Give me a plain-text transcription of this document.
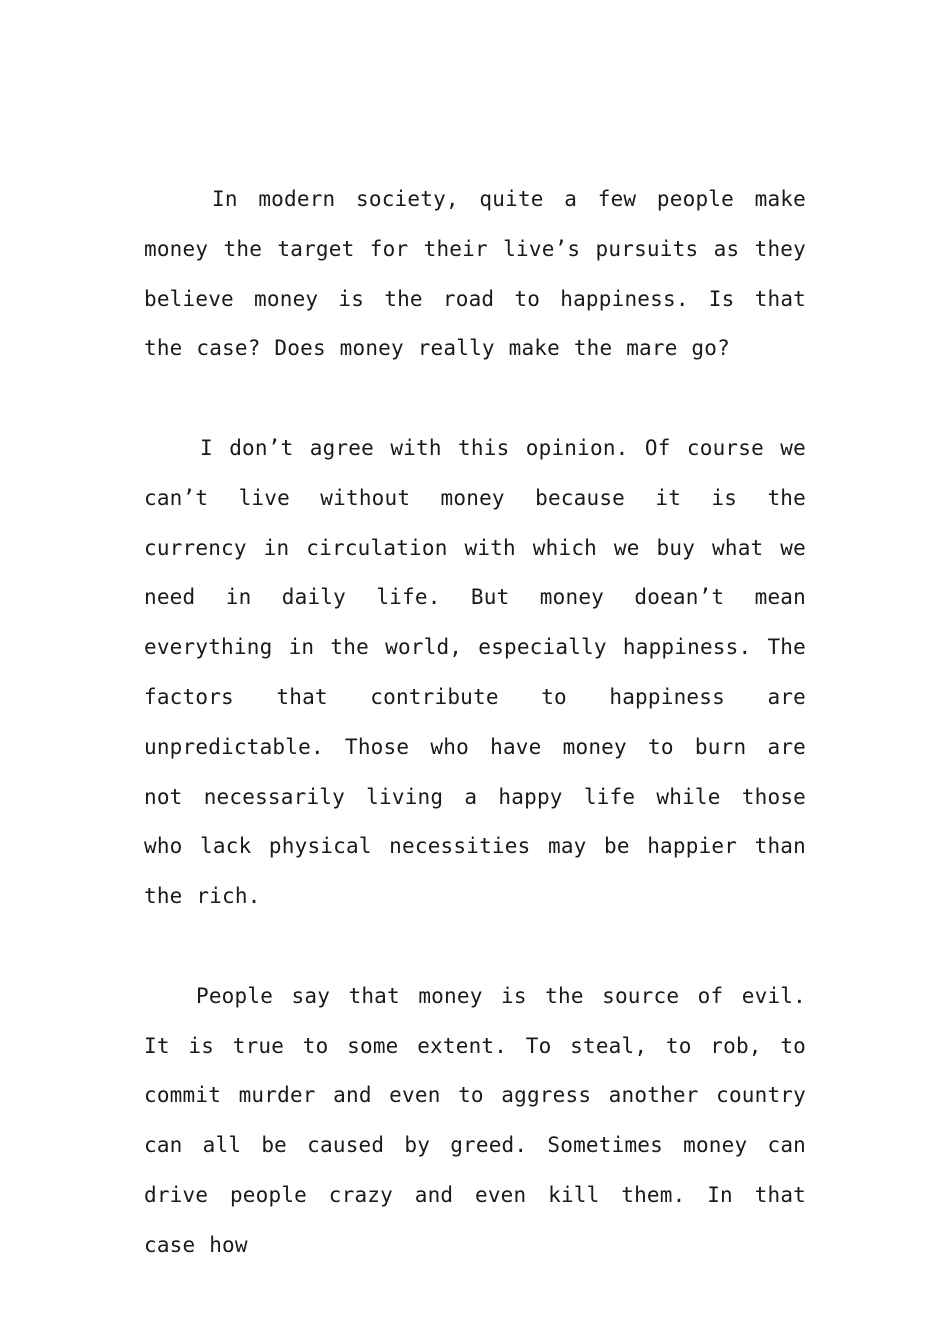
In modern society, quite a few people make money the target for their live’s pursuits as they believe money is the road to happiness. Is that the case? Does money really make the mare go?

I don’t agree with this opinion. Of course we can’t live without money because it is the currency in circulation with which we buy what we need in daily life. But money doean’t mean everything in the world, especially happiness. The factors that contribute to happiness are unpredictable. Those who have money to burn are not necessarily living a happy life while those who lack physical necessities may be happier than the rich.

People say that money is the source of evil. It is true to some extent. To steal, to rob, to commit murder and even to aggress another country can all be caused by greed. Sometimes money can drive people crazy and even kill them. In that case how
